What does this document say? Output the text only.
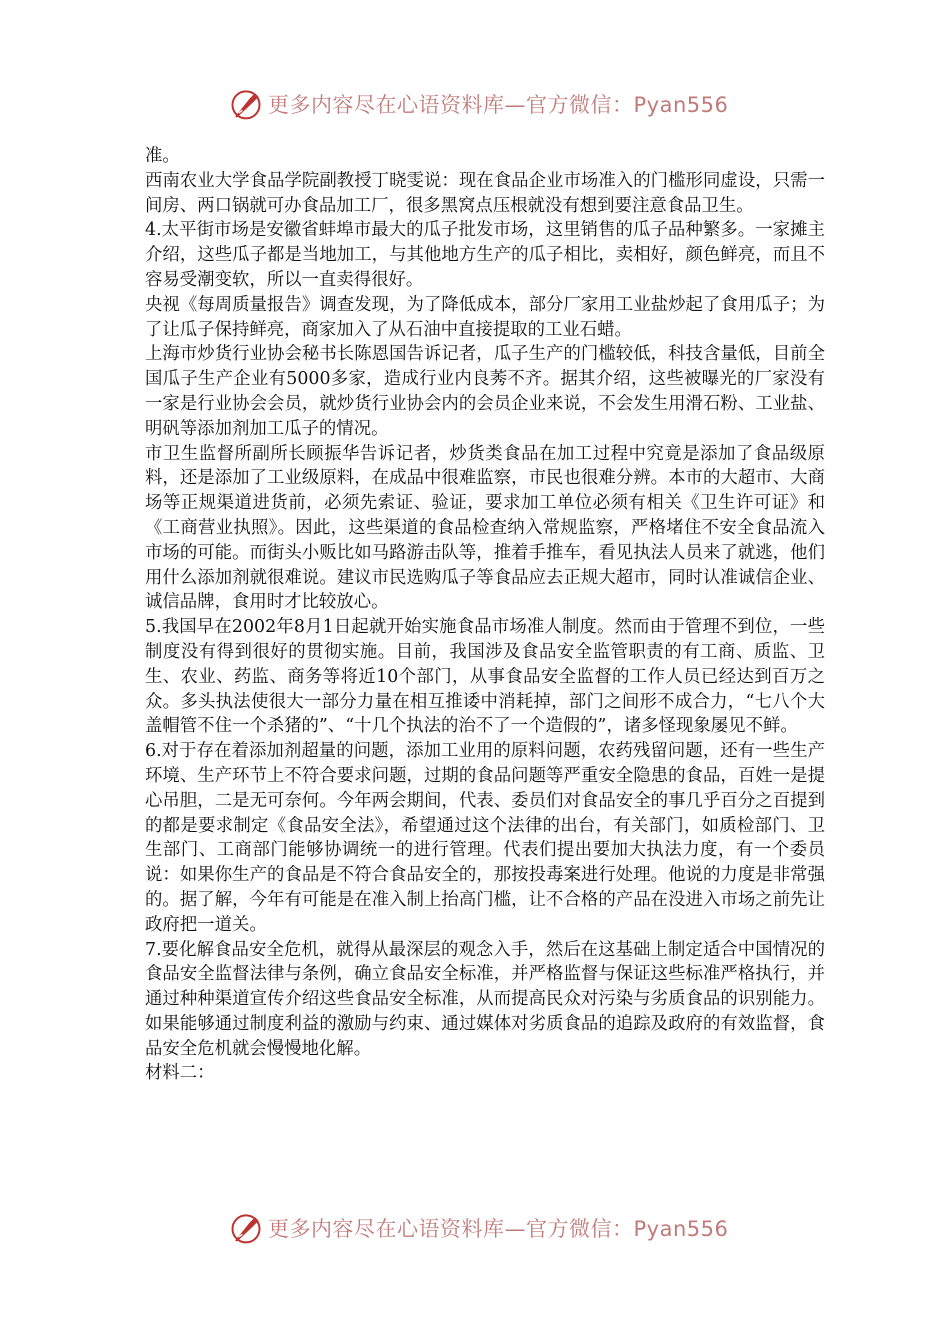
更多内容尽在心语资料库—官方微信：Pyan556

准。

西南农业大学食品学院副教授丁晓雯说：现在食品企业市场准入的门槛形同虚设，只需一间房、两口锅就可办食品加工厂，很多黑窝点压根就没有想到要注意食品卫生。

4.太平街市场是安徽省蚌埠市最大的瓜子批发市场，这里销售的瓜子品种繁多。一家摊主介绍，这些瓜子都是当地加工，与其他地方生产的瓜子相比，卖相好，颜色鲜亮，而且不容易受潮变软，所以一直卖得很好。

央视《每周质量报告》调查发现，为了降低成本，部分厂家用工业盐炒起了食用瓜子；为了让瓜子保持鲜亮，商家加入了从石油中直接提取的工业石蜡。

上海市炒货行业协会秘书长陈恩国告诉记者，瓜子生产的门槛较低，科技含量低，目前全国瓜子生产企业有5000多家，造成行业内良莠不齐。据其介绍，这些被曝光的厂家没有一家是行业协会会员，就炒货行业协会内的会员企业来说，不会发生用滑石粉、工业盐、明矾等添加剂加工瓜子的情况。

市卫生监督所副所长顾振华告诉记者，炒货类食品在加工过程中究竟是添加了食品级原料，还是添加了工业级原料，在成品中很难监察，市民也很难分辨。本市的大超市、大商场等正规渠道进货前，必须先索证、验证，要求加工单位必须有相关《卫生许可证》和《工商营业执照》。因此，这些渠道的食品检查纳入常规监察，严格堵住不安全食品流入市场的可能。而街头小贩比如马路游击队等，推着手推车，看见执法人员来了就逃，他们用什么添加剂就很难说。建议市民选购瓜子等食品应去正规大超市，同时认准诚信企业、诚信品牌，食用时才比较放心。

5.我国早在2002年8月1日起就开始实施食品市场准人制度。然而由于管理不到位，一些制度没有得到很好的贯彻实施。目前，我国涉及食品安全监管职责的有工商、质监、卫生、农业、药监、商务等将近10个部门，从事食品安全监督的工作人员已经达到百万之众。多头执法使很大一部分力量在相互推诿中消耗掉，部门之间形不成合力，“七八个大盖帽管不住一个杀猪的”、“十几个执法的治不了一个造假的”，诸多怪现象屡见不鲜。

6.对于存在着添加剂超量的问题，添加工业用的原料问题，农药残留问题，还有一些生产环境、生产环节上不符合要求问题，过期的食品问题等严重安全隐患的食品，百姓一是提心吊胆，二是无可奈何。今年两会期间，代表、委员们对食品安全的事几乎百分之百提到的都是要求制定《食品安全法》，希望通过这个法律的出台，有关部门，如质检部门、卫生部门、工商部门能够协调统一的进行管理。代表们提出要加大执法力度，有一个委员说：如果你生产的食品是不符合食品安全的，那按投毒案进行处理。他说的力度是非常强的。据了解，今年有可能是在准入制上抬高门槛，让不合格的产品在没进入市场之前先让政府把一道关。

7.要化解食品安全危机，就得从最深层的观念入手，然后在这基础上制定适合中国情况的食品安全监督法律与条例，确立食品安全标准，并严格监督与保证这些标准严格执行，并通过种种渠道宣传介绍这些食品安全标准，从而提高民众对污染与劣质食品的识别能力。如果能够通过制度利益的激励与约束、通过媒体对劣质食品的追踪及政府的有效监督，食品安全危机就会慢慢地化解。

材料二：

更多内容尽在心语资料库—官方微信：Pyan556
